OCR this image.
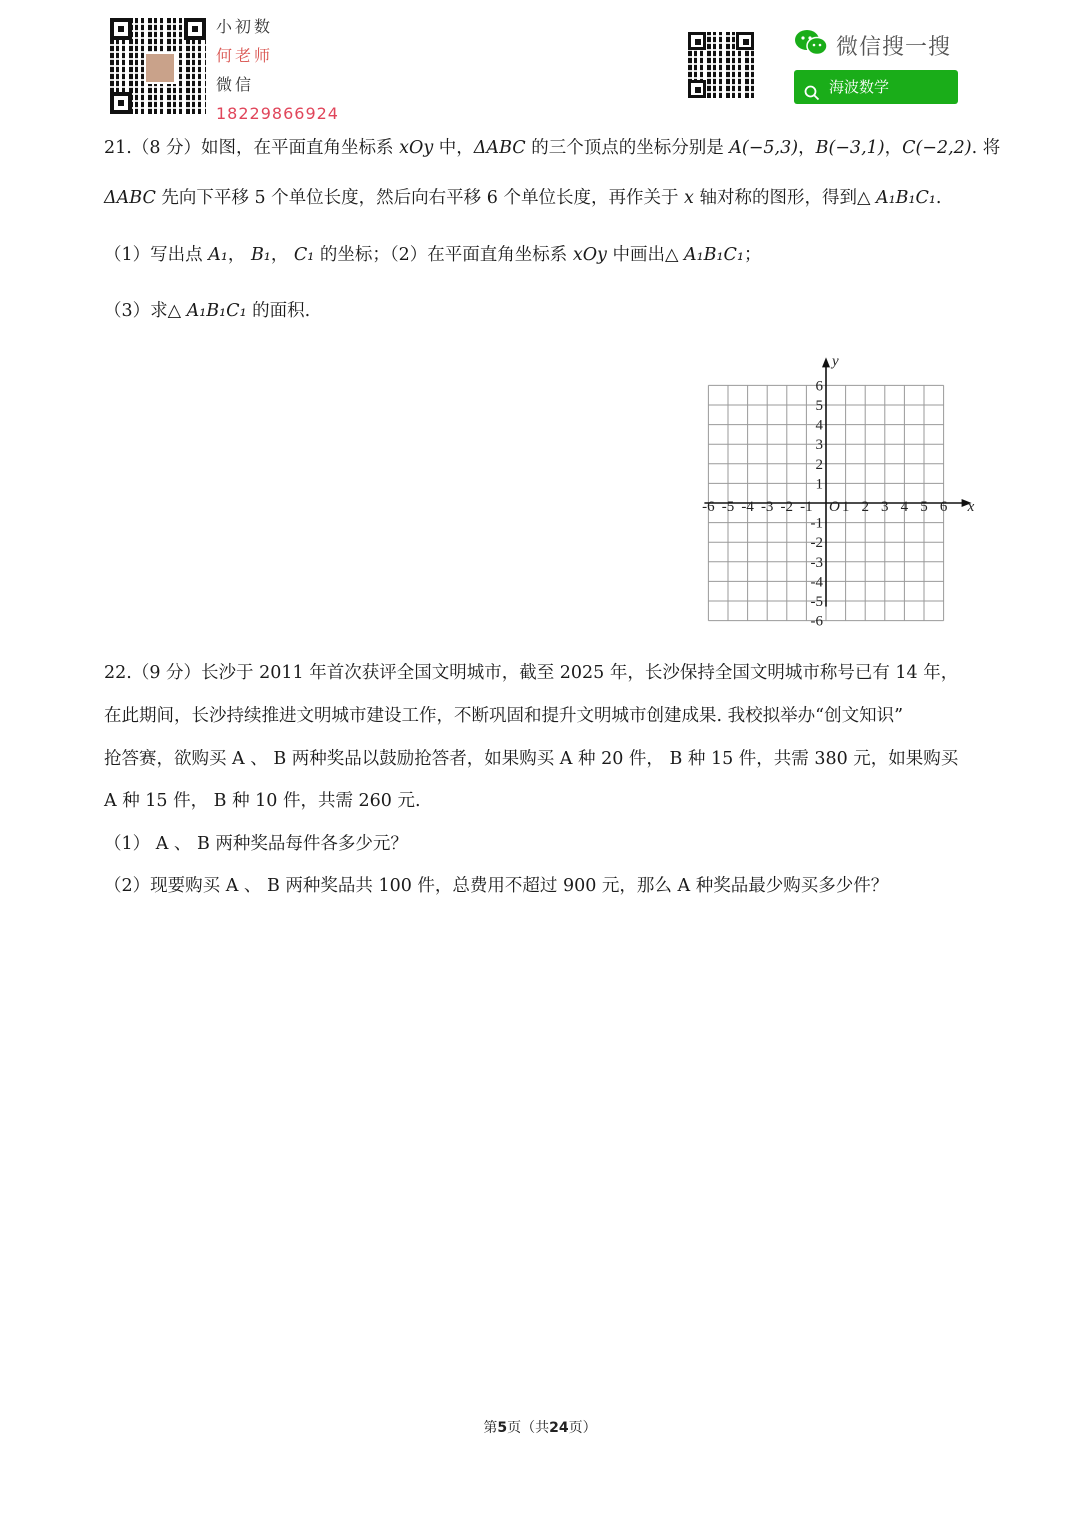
小初数
何老师
微信
18229866924
微信搜一搜
海波数学
21.（8 分）如图，在平面直角坐标系 xOy 中，ΔABC 的三个顶点的坐标分别是 A(−5,3)，B(−3,1)，C(−2,2). 将
ΔABC 先向下平移 5 个单位长度，然后向右平移 6 个单位长度，再作关于 x 轴对称的图形，得到△ A₁B₁C₁.
（1）写出点 A₁， B₁， C₁ 的坐标；（2）在平面直角坐标系 xOy 中画出△ A₁B₁C₁；
（3）求△ A₁B₁C₁ 的面积.
-6 -5 -4 -3 -2 -1 1 2 3 4 5 6
6
5
4
3
2
1
-1
-2
-3
-4
-5
-6
O	x
y
22.（9 分）长沙于 2011 年首次获评全国文明城市，截至 2025 年，长沙保持全国文明城市称号已有 14 年，
在此期间，长沙持续推进文明城市建设工作，不断巩固和提升文明城市创建成果. 我校拟举办“创文知识”
抢答赛，欲购买 A 、 B 两种奖品以鼓励抢答者，如果购买 A 种 20 件， B 种 15 件，共需 380 元，如果购买
A 种 15 件， B 种 10 件，共需 260 元.
（1） A 、 B 两种奖品每件各多少元？
（2）现要购买 A 、 B 两种奖品共 100 件，总费用不超过 900 元，那么 A 种奖品最少购买多少件？
第5页（共24页）
